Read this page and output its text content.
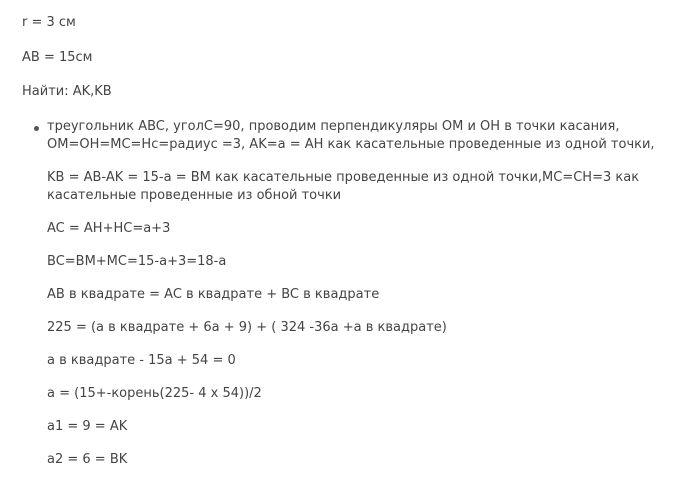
r = 3 см
AB = 15см
Найти: AK,KB

треугольник ABC, уголC=90, проводим перпендикуляры ОМ и ОН в точки касания, ОМ=ОН=МС=Нс=радиус =3, AK=a = AH как касательные проведенные из одной точки,

KB = AB-AK = 15-a = BM как касательные проведенные из одной точки,MC=CH=3 как касательные проведенные из обной точки

AC = AH+HC=a+3

BC=BM+MC=15-a+3=18-a

AB в квадрате = AC в квадрате + BC в квадрате

225 = (a в квадрате + 6a + 9) + ( 324 -36a +a в квадрате)

a в квадрате - 15a + 54 = 0

a = (15+-корень(225- 4 х 54))/2

a1 = 9 = AK

a2 = 6 = BK
